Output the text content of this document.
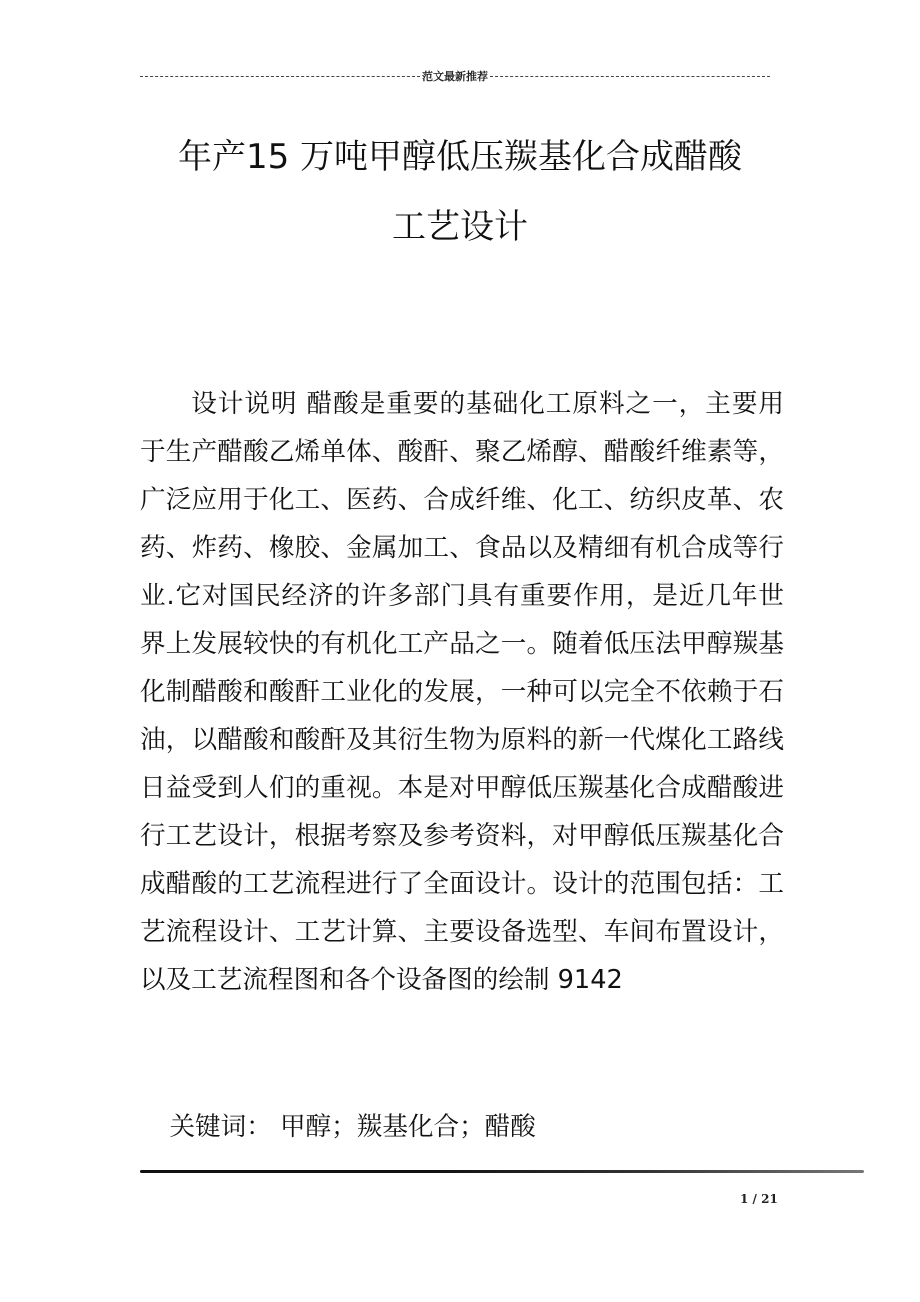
范文最新推荐
年产15 万吨甲醇低压羰基化合成醋酸
工艺设计

设计说明 醋酸是重要的基础化工原料之一，主要用于生产醋酸乙烯单体、酸酐、聚乙烯醇、醋酸纤维素等，广泛应用于化工、医药、合成纤维、化工、纺织皮革、农药、炸药、橡胶、金属加工、食品以及精细有机合成等行业.它对国民经济的许多部门具有重要作用，是近几年世界上发展较快的有机化工产品之一。随着低压法甲醇羰基化制醋酸和酸酐工业化的发展，一种可以完全不依赖于石油，以醋酸和酸酐及其衍生物为原料的新一代煤化工路线日益受到人们的重视。本是对甲醇低压羰基化合成醋酸进行工艺设计，根据考察及参考资料，对甲醇低压羰基化合成醋酸的工艺流程进行了全面设计。设计的范围包括：工艺流程设计、工艺计算、主要设备选型、车间布置设计，以及工艺流程图和各个设备图的绘制 9142

关键词： 甲醇；羰基化合；醋酸

1 / 21
